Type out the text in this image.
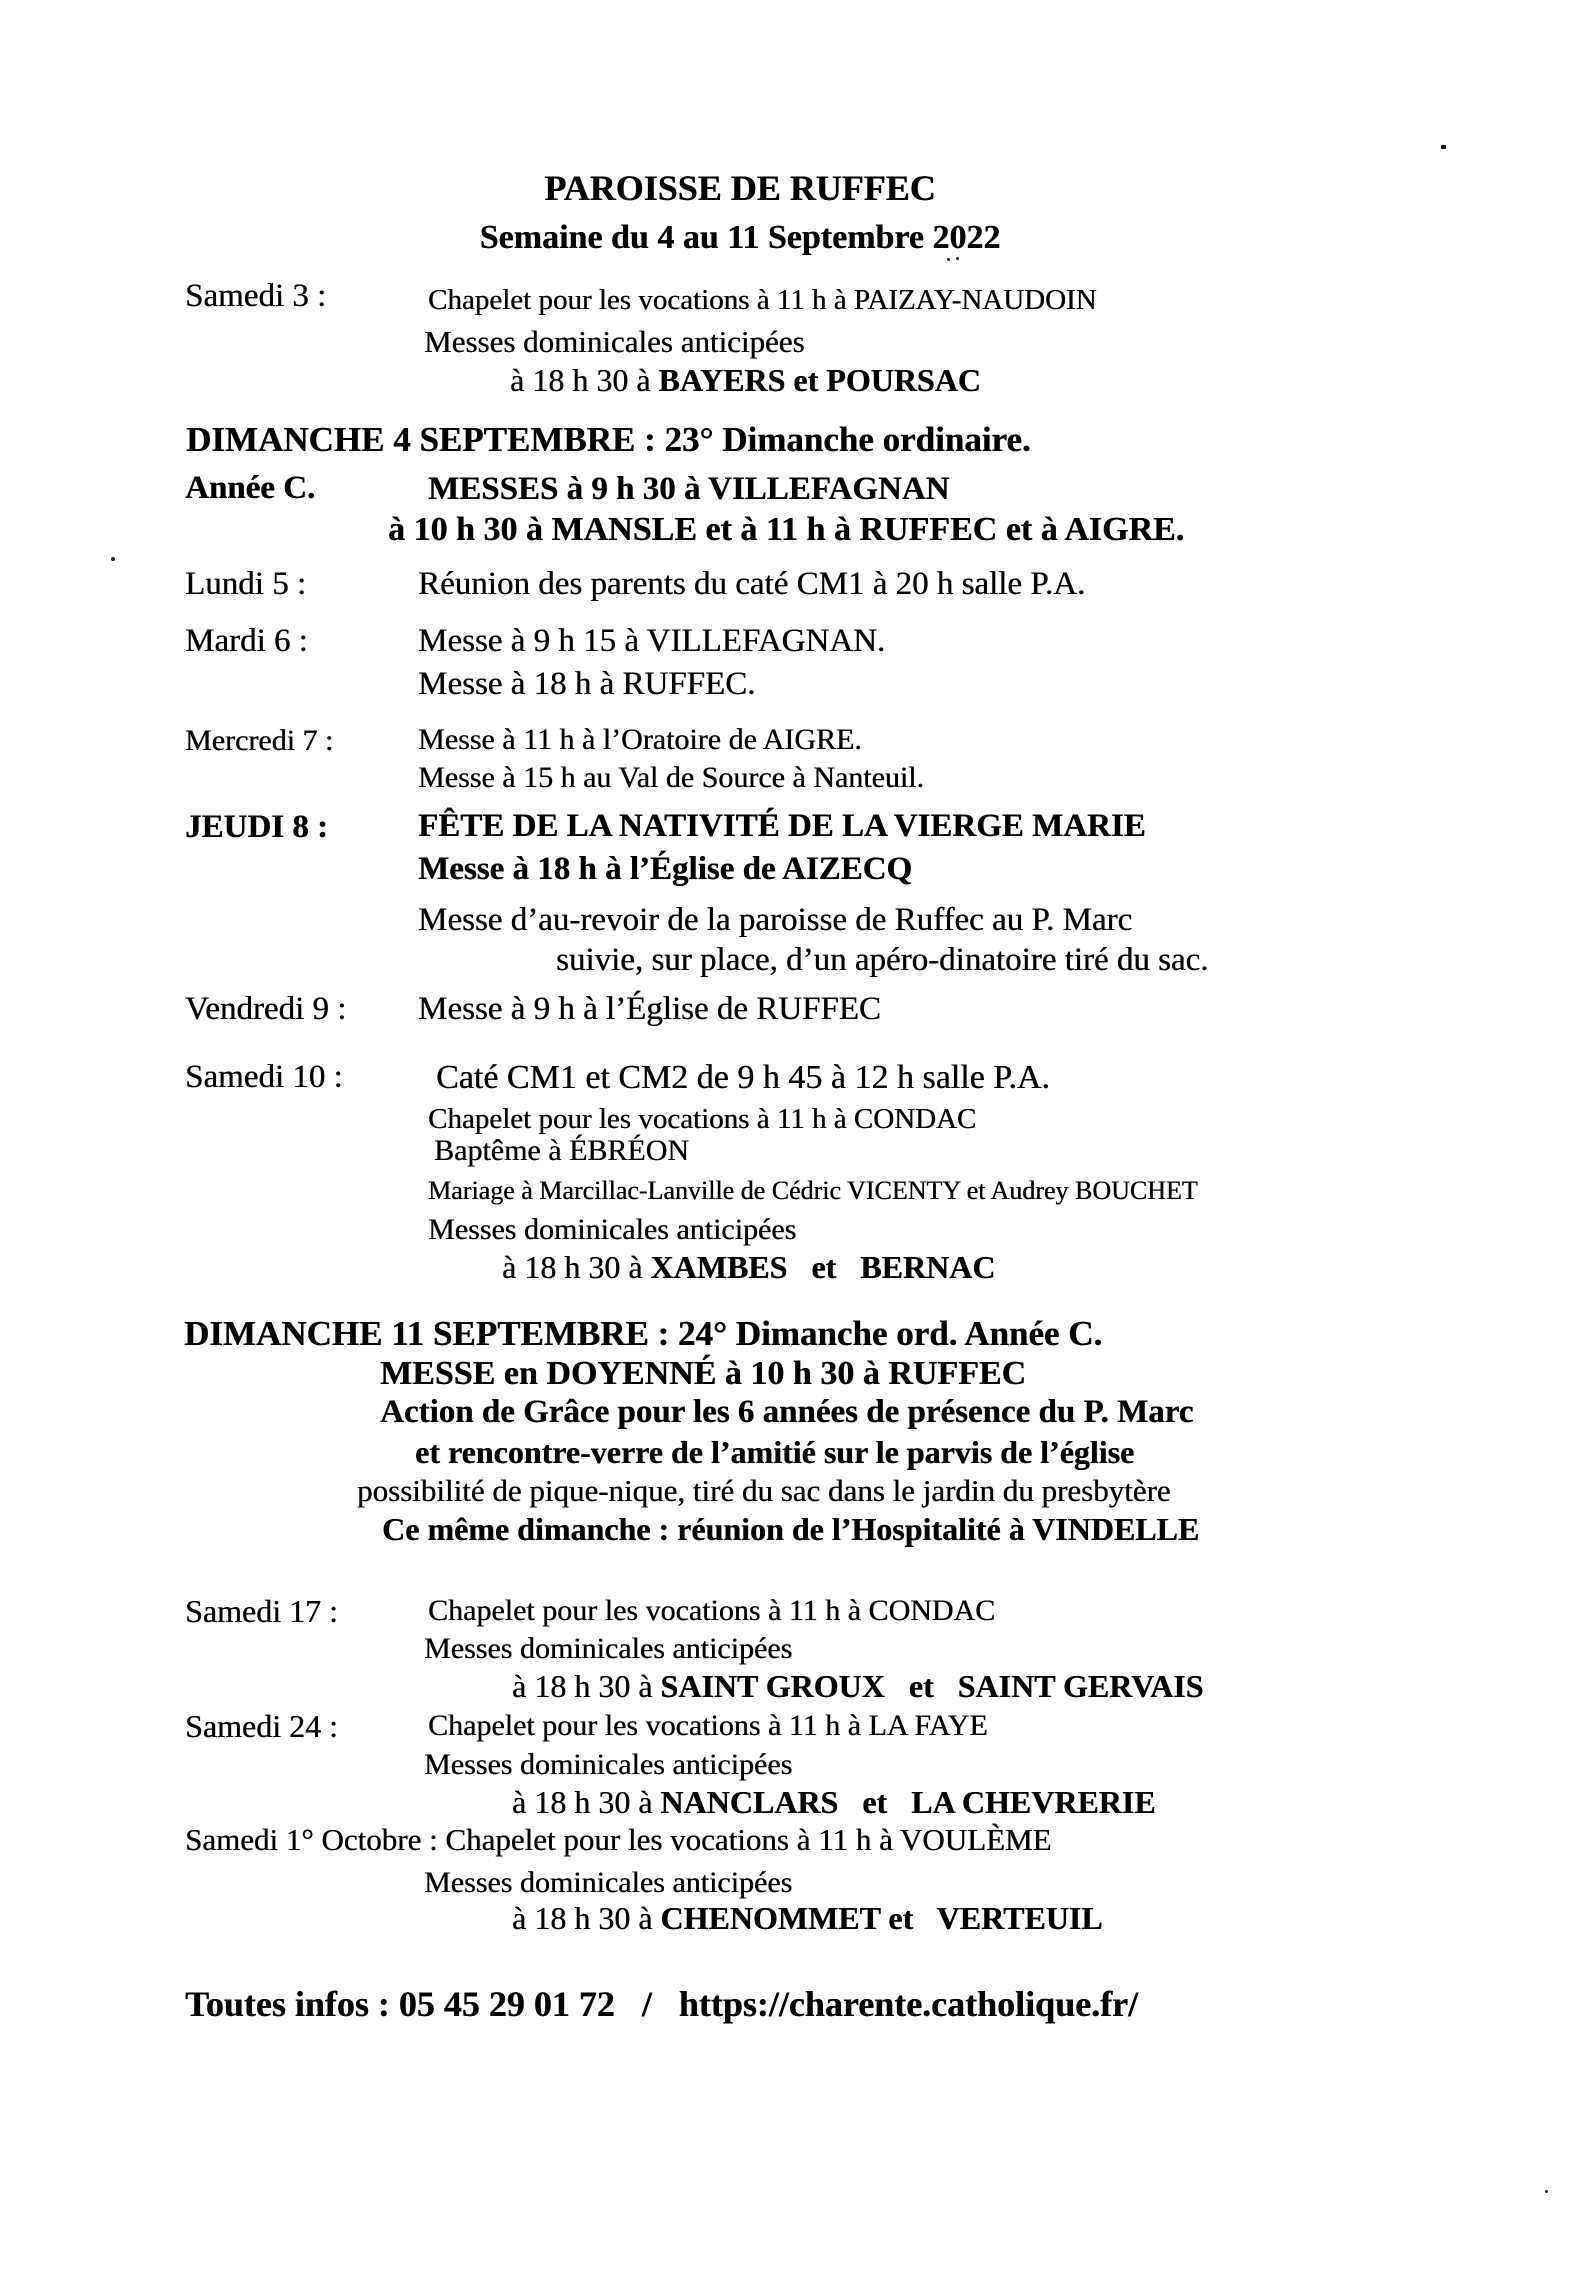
PAROISSE DE RUFFEC
Semaine du 4 au 11 Septembre 2022
Samedi 3 :	Chapelet pour les vocations à 11 h à PAIZAY-NAUDOIN
Messes dominicales anticipées
à 18 h 30 à BAYERS et POURSAC
DIMANCHE 4 SEPTEMBRE : 23° Dimanche ordinaire.
Année C.	MESSES à 9 h 30 à VILLEFAGNAN
à 10 h 30 à MANSLE et à 11 h à RUFFEC et à AIGRE.
Lundi 5 :	Réunion des parents du caté CM1 à 20 h salle P.A.
Mardi 6 :	Messe à 9 h 15 à VILLEFAGNAN.
Messe à 18 h à RUFFEC.
Mercredi 7 :	Messe à 11 h à l’Oratoire de AIGRE.
Messe à 15 h au Val de Source à Nanteuil.
JEUDI 8 :	FÊTE DE LA NATIVITÉ DE LA VIERGE MARIE
Messe à 18 h à l’Église de AIZECQ
Messe d’au-revoir de la paroisse de Ruffec au P. Marc
suivie, sur place, d’un apéro-dinatoire tiré du sac.
Vendredi 9 : Messe à 9 h à l’Église de RUFFEC
Samedi 10 :	Caté CM1 et CM2 de 9 h 45 à 12 h salle P.A.
Chapelet pour les vocations à 11 h à CONDAC
Baptême à ÉBRÉON
Mariage à Marcillac-Lanville de Cédric VICENTY et Audrey BOUCHET
Messes dominicales anticipées
à 18 h 30 à XAMBES   et   BERNAC
DIMANCHE 11 SEPTEMBRE : 24° Dimanche ord. Année C.
MESSE en DOYENNÉ à 10 h 30 à RUFFEC
Action de Grâce pour les 6 années de présence du P. Marc
et rencontre-verre de l’amitié sur le parvis de l’église
possibilité de pique-nique, tiré du sac dans le jardin du presbytère
Ce même dimanche : réunion de l’Hospitalité à VINDELLE
Samedi 17 :	Chapelet pour les vocations à 11 h à CONDAC
Messes dominicales anticipées
à 18 h 30 à SAINT GROUX   et   SAINT GERVAIS
Samedi 24 :	Chapelet pour les vocations à 11 h à LA FAYE
Messes dominicales anticipées
à 18 h 30 à NANCLARS   et   LA CHEVRERIE
Samedi 1° Octobre : Chapelet pour les vocations à 11 h à VOULÈME
Messes dominicales anticipées
à 18 h 30 à CHENOMMET et   VERTEUIL
Toutes infos : 05 45 29 01 72   /   https://charente.catholique.fr/
